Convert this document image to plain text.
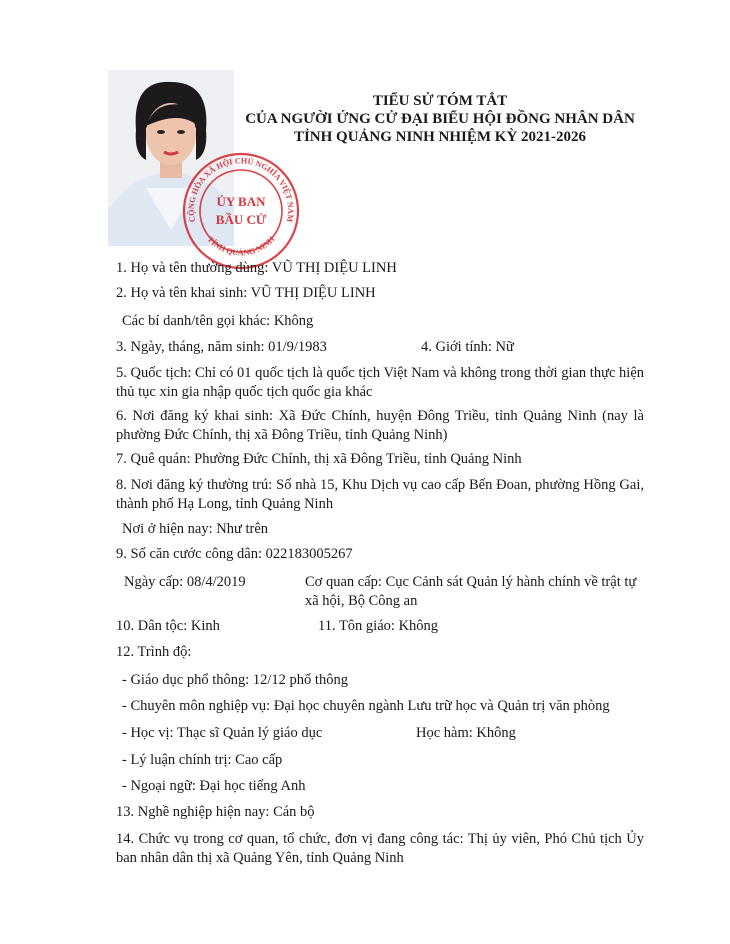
CỘNG HÒA XÃ HỘI CHỦ NGHĨA VIỆT NAM
TỈNH QUẢNG NINH
ỦY BAN
BẦU CỬ
TIỂU SỬ TÓM TẮT
CỦA NGƯỜI ỨNG CỬ ĐẠI BIỂU HỘI ĐỒNG NHÂN DÂN
TỈNH QUẢNG NINH NHIỆM KỲ 2021-2026
1. Họ và tên thường dùng: VŨ THỊ DIỆU LINH
2. Họ và tên khai sinh: VŨ THỊ DIỆU LINH
Các bí danh/tên gọi khác: Không
3. Ngày, tháng, năm sinh: 01/9/1983	4. Giới tính: Nữ
5. Quốc tịch: Chỉ có 01 quốc tịch là quốc tịch Việt Nam và không trong thời gian thực hiện thủ tục xin gia nhập quốc tịch quốc gia khác
6. Nơi đăng ký khai sinh: Xã Đức Chính, huyện Đông Triều, tỉnh Quảng Ninh (nay là phường Đức Chính, thị xã Đông Triều, tỉnh Quảng Ninh)
7. Quê quán: Phường Đức Chính, thị xã Đông Triều, tỉnh Quảng Ninh
8. Nơi đăng ký thường trú: Số nhà 15, Khu Dịch vụ cao cấp Bến Đoan, phường Hồng Gai, thành phố Hạ Long, tỉnh Quảng Ninh
Nơi ở hiện nay: Như trên
9. Số căn cước công dân: 022183005267
Ngày cấp: 08/4/2019	Cơ quan cấp: Cục Cảnh sát Quản lý hành chính về trật tự xã hội, Bộ Công an
10. Dân tộc: Kinh	11. Tôn giáo: Không
12. Trình độ:
- Giáo dục phổ thông: 12/12 phổ thông
- Chuyên môn nghiệp vụ: Đại học chuyên ngành Lưu trữ học và Quản trị văn phòng
- Học vị: Thạc sĩ Quản lý giáo dục	Học hàm: Không
- Lý luận chính trị: Cao cấp
- Ngoại ngữ: Đại học tiếng Anh
13. Nghề nghiệp hiện nay: Cán bộ
14. Chức vụ trong cơ quan, tổ chức, đơn vị đang công tác: Thị ủy viên, Phó Chủ tịch Ủy ban nhân dân thị xã Quảng Yên, tỉnh Quảng Ninh
